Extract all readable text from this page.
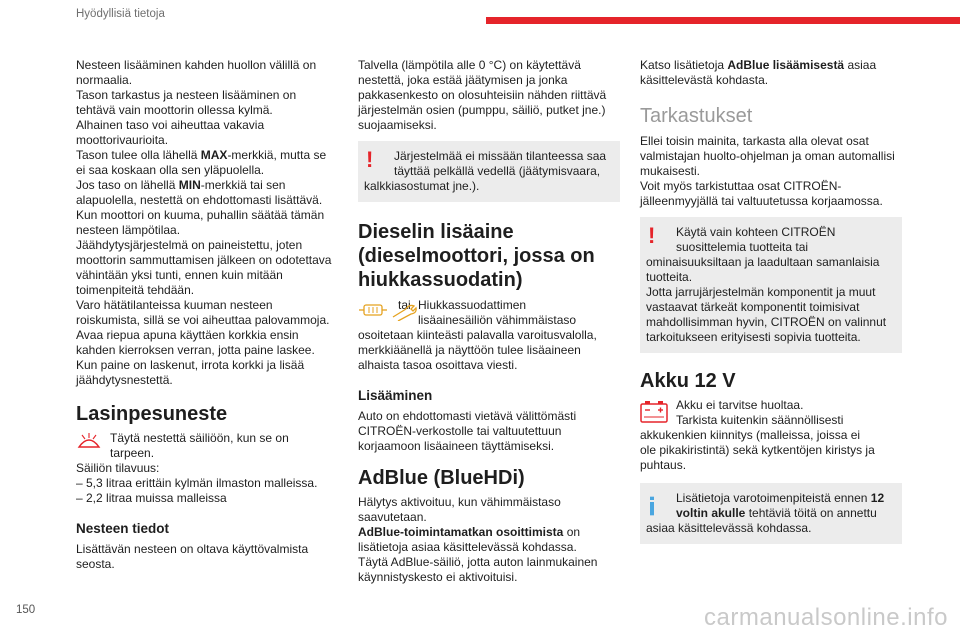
Hyödyllisiä tietoja
150	carmanualsonline.info

Nesteen lisääminen kahden huollon välillä on

normaalia.

Tason tarkastus ja nesteen lisääminen on

tehtävä vain moottorin ollessa kylmä.

Alhainen taso voi aiheuttaa vakavia

moottorivaurioita.

Tason tulee olla lähellä MAX-merkkiä, mutta se

ei saa koskaan olla sen yläpuolella.

Jos taso on lähellä MIN-merkkiä tai sen

alapuolella, nestettä on ehdottomasti lisättävä.

Kun moottori on kuuma, puhallin säätää tämän

nesteen lämpötilaa.

Jäähdytysjärjestelmä on paineistettu, joten

moottorin sammuttamisen jälkeen on odotettava

vähintään yksi tunti, ennen kuin mitään

toimenpiteitä tehdään.

Varo hätätilanteissa kuuman nesteen

roiskumista, sillä se voi aiheuttaa palovammoja.

Avaa riepua apuna käyttäen korkkia ensin

kahden kierroksen verran, jotta paine laskee.

Kun paine on laskenut, irrota korkki ja lisää

jäähdytysnestettä.

Lasinpesuneste

Täytä nestettä säiliöön, kun se on

tarpeen.

Säiliön tilavuus:

– 5,3 litraa erittäin kylmän ilmaston malleissa.

– 2,2 litraa muissa malleissa

Nesteen tiedot

Lisättävän nesteen on oltava käyttövalmista

seosta.

Talvella (lämpötila alle 0 °C) on käytettävä

nestettä, joka estää jäätymisen ja jonka

pakkasenkesto on olosuhteisiin nähden riittävä

järjestelmän osien (pumppu, säiliö, putket jne.)

suojaamiseksi.

!	Järjestelmää ei missään tilanteessa saa

täyttää pelkällä vedellä (jäätymisvaara,

kalkkiasostumat jne.).

Dieselin lisäaine
(dieselmoottori, jossa on
hiukkassuodatin)
tai Hiukkassuodattimen

lisäainesäiliön vähimmäistaso

osoitetaan kiinteästi palavalla varoitusvalolla,

merkkiäänellä ja näyttöön tulee lisäaineen

alhaista tasoa osoittava viesti.

Lisääminen

Auto on ehdottomasti vietävä välittömästi

CITROËN-verkostolle tai valtuutettuun

korjaamoon lisäaineen täyttämiseksi.

AdBlue (BlueHDi)

Hälytys aktivoituu, kun vähimmäistaso

saavutetaan.

AdBlue-toimintamatkan osoittimista on

lisätietoja asiaa käsittelevässä kohdassa.

Täytä AdBlue-säiliö, jotta auton lainmukainen

käynnistyskesto ei aktivoituisi.

Katso lisätietoja AdBlue lisäämisestä asiaa

käsittelevästä kohdasta.

Tarkastukset

Ellei toisin mainita, tarkasta alla olevat osat

valmistajan huolto-ohjelman ja oman automallisi

mukaisesti.

Voit myös tarkistuttaa osat CITROËN-

jälleenmyyjällä tai valtuutetussa korjaamossa.

!	Käytä vain kohteen CITROËN

suosittelemia tuotteita tai

ominaisuuksiltaan ja laadultaan samanlaisia

tuotteita.

Jotta jarrujärjestelmän komponentit ja muut

vastaavat tärkeät komponentit toimisivat

mahdollisimman hyvin, CITROËN on valinnut

tarkoitukseen erityisesti sopivia tuotteita.

Akku 12 V

Akku ei tarvitse huoltaa.

Tarkista kuitenkin säännöllisesti

akkukenkien kiinnitys (malleissa, joissa ei

ole pikakiristintä) sekä kytkentöjen kiristys ja

puhtaus.

Lisätietoja varotoimenpiteistä ennen 12

voltin akulle tehtäviä töitä on annettu

asiaa käsittelevässä kohdassa.
